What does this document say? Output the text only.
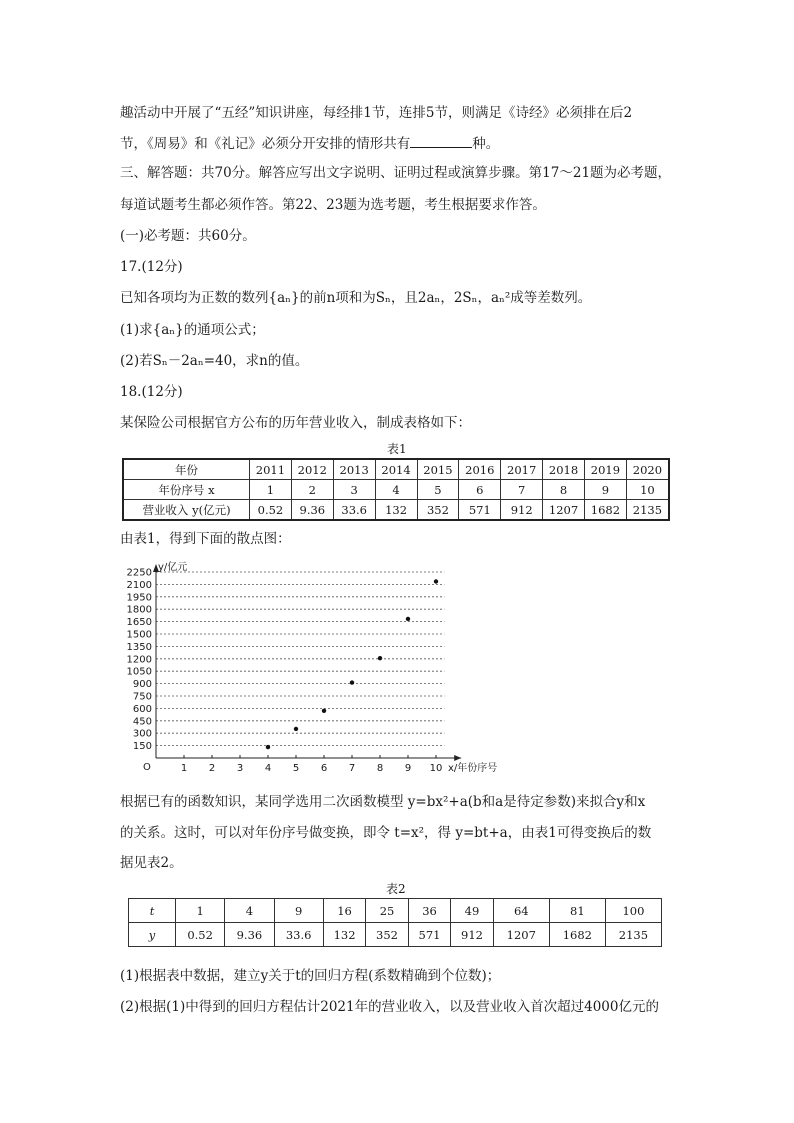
趣活动中开展了“五经”知识讲座，每经排1节，连排5节，则满足《诗经》必须排在后2
节，《周易》和《礼记》必须分开安排的情形共有	种。
三、解答题：共70分。解答应写出文字说明、证明过程或演算步骤。第17～21题为必考题，
每道试题考生都必须作答。第22、23题为选考题，考生根据要求作答。
(一)必考题：共60分。
17.(12分)
已知各项均为正数的数列{aₙ}的前n项和为Sₙ，且2aₙ，2Sₙ，aₙ²成等差数列。
(1)求{aₙ}的通项公式；
(2)若Sₙ－2aₙ=40，求n的值。
18.(12分)
某保险公司根据官方公布的历年营业收入，制成表格如下：
表1
年份	2011	2012	2013	2014	2015	2016	2017	2018	2019	2020
年份序号 x	1	2	3	4	5	6	7	8	9	10
营业收入 y(亿元)	0.52	9.36	33.6	132	352	571	912	1207	1682	2135
由表1，得到下面的散点图：
150
300
450
600
750
900
1050
1200
1350
1500
1650
1800
1950
2100
2250
1 2 3 4 5 6 7 8 9 10
O
y/亿元
x/年份序号
根据已有的函数知识，某同学选用二次函数模型 y=bx²+a(b和a是待定参数)来拟合y和x
的关系。这时，可以对年份序号做变换，即令 t=x²，得 y=bt+a，由表1可得变换后的数
据见表2。
表2
t	1	4	9	16	25	36	49	64	81	100
y	0.52	9.36	33.6	132	352	571	912	1207	1682	2135
(1)根据表中数据，建立y关于t的回归方程(系数精确到个位数)；
(2)根据(1)中得到的回归方程估计2021年的营业收入，以及营业收入首次超过4000亿元的
